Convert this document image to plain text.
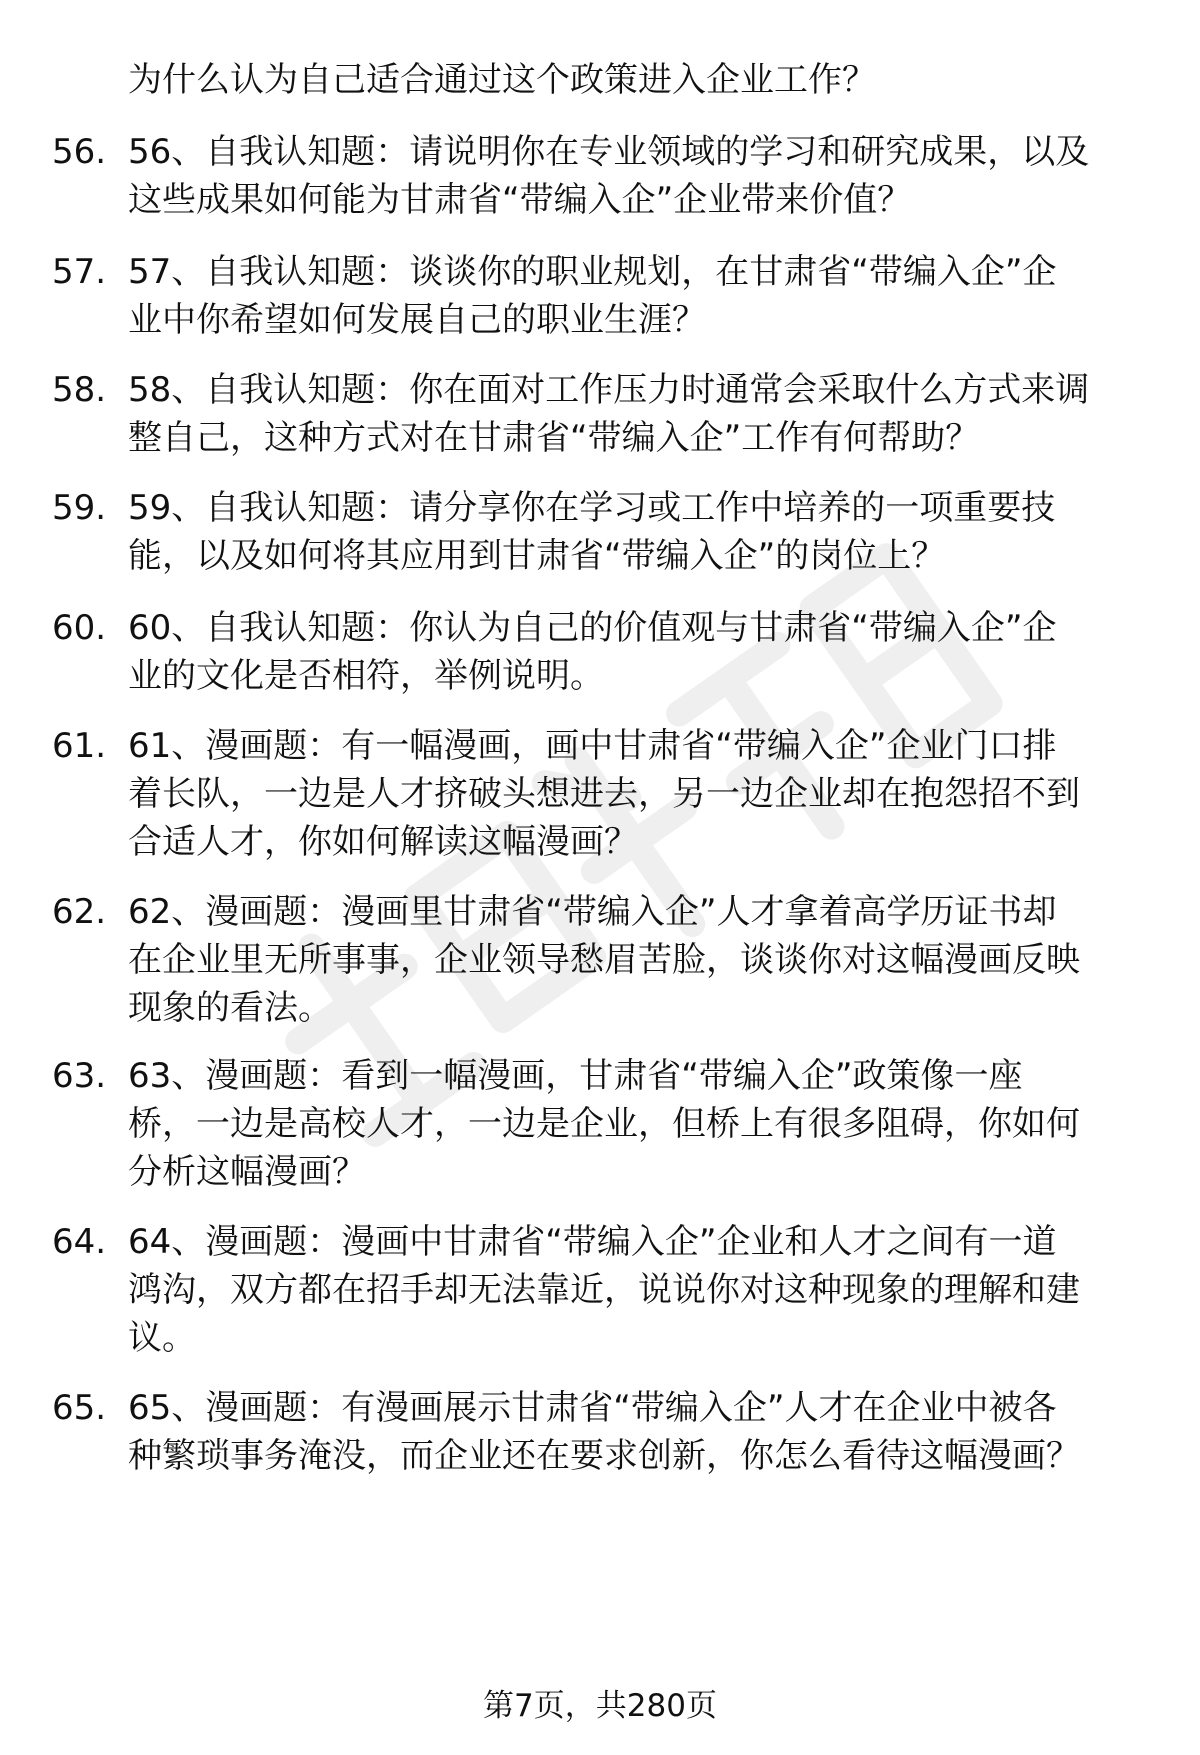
为什么认为自己适合通过这个政策进入企业工作？
56. 56、自我认知题：请说明你在专业领域的学习和研究成果，以及
这些成果如何能为甘肃省“带编入企”企业带来价值？
57. 57、自我认知题：谈谈你的职业规划，在甘肃省“带编入企”企
业中你希望如何发展自己的职业生涯？
58. 58、自我认知题：你在面对工作压力时通常会采取什么方式来调
整自己，这种方式对在甘肃省“带编入企”工作有何帮助？
59. 59、自我认知题：请分享你在学习或工作中培养的一项重要技
能，以及如何将其应用到甘肃省“带编入企”的岗位上？
60. 60、自我认知题：你认为自己的价值观与甘肃省“带编入企”企
业的文化是否相符，举例说明。
61. 61、漫画题：有一幅漫画，画中甘肃省“带编入企”企业门口排
着长队，一边是人才挤破头想进去，另一边企业却在抱怨招不到
合适人才，你如何解读这幅漫画？
62. 62、漫画题：漫画里甘肃省“带编入企”人才拿着高学历证书却
在企业里无所事事，企业领导愁眉苦脸，谈谈你对这幅漫画反映
现象的看法。
63. 63、漫画题：看到一幅漫画，甘肃省“带编入企”政策像一座
桥，一边是高校人才，一边是企业，但桥上有很多阻碍，你如何
分析这幅漫画？
64. 64、漫画题：漫画中甘肃省“带编入企”企业和人才之间有一道
鸿沟，双方都在招手却无法靠近，说说你对这种现象的理解和建
议。
65. 65、漫画题：有漫画展示甘肃省“带编入企”人才在企业中被各
种繁琐事务淹没，而企业还在要求创新，你怎么看待这幅漫画？
第7页，共280页
